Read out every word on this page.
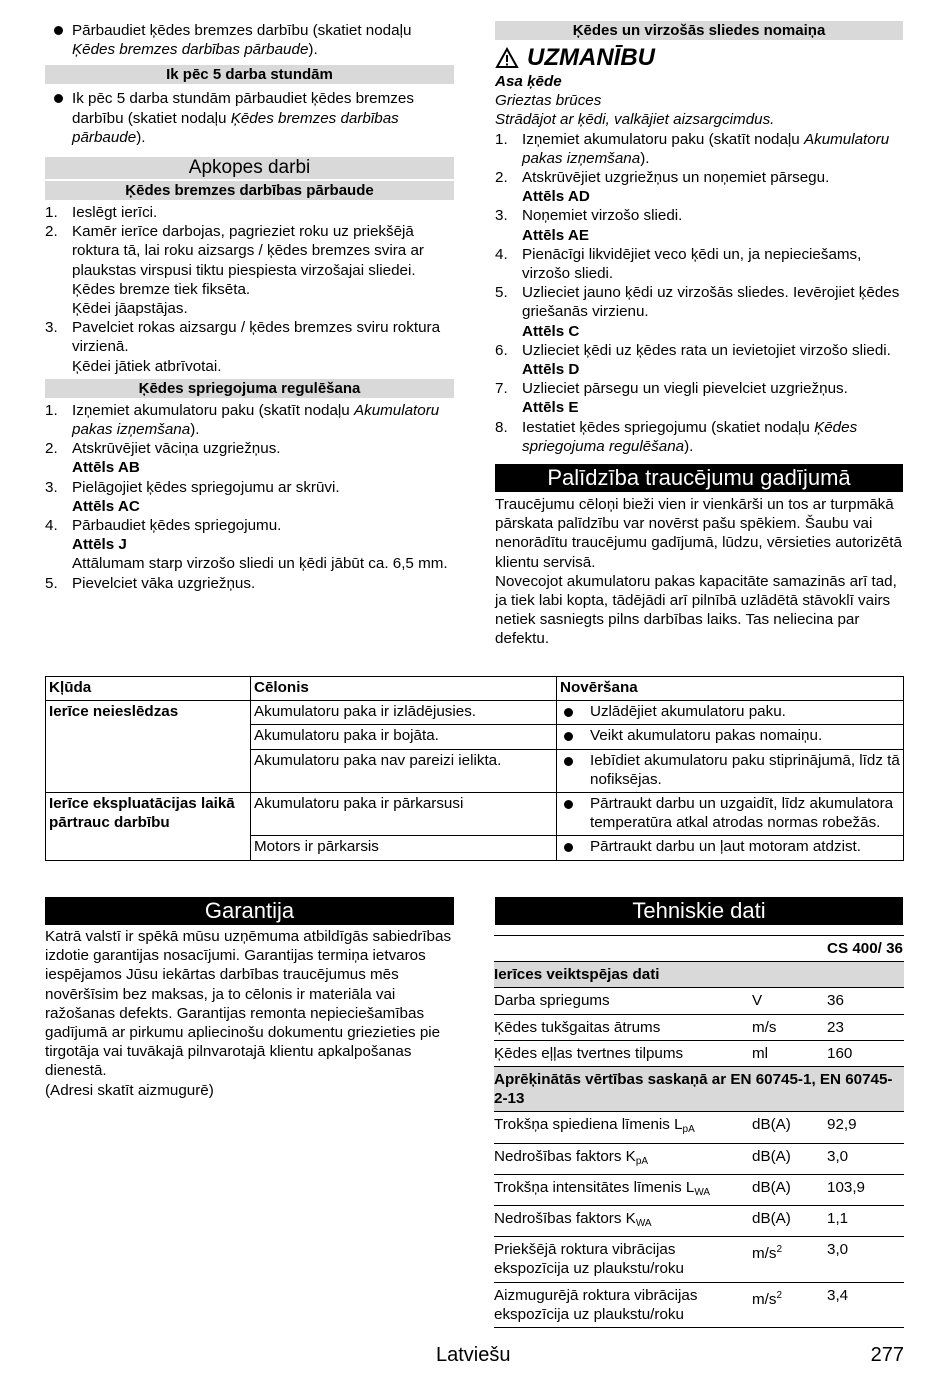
Pārbaudiet ķēdes bremzes darbību (skatiet nodaļu Ķēdes bremzes darbības pārbaude).
Ik pēc 5 darba stundām
Ik pēc 5 darba stundām pārbaudiet ķēdes bremzes darbību (skatiet nodaļu Ķēdes bremzes darbības pārbaude).
Apkopes darbi
Ķēdes bremzes darbības pārbaude
1. Ieslēgt ierīci.
2. Kamēr ierīce darbojas, pagrieziet roku uz priekšējā roktura tā, lai roku aizsargs / ķēdes bremzes svira ar plaukstas virspusi tiktu piespiesta virzošajai sliedei.
Ķēdes bremze tiek fiksēta.
Ķēdei jāapstājas.
3. Pavelciet rokas aizsargu / ķēdes bremzes sviru rokturа virzienā.
Ķēdei jātiek atbrīvotai.
Ķēdes spriegojuma regulēšana
1. Izņemiet akumulatoru paku (skatīt nodaļu Akumulatoru pakas izņemšana).
2. Atskrūvējiet vāciņa uzgriežņus.
Attēls AB
3. Pielāgojiet ķēdes spriegojumu ar skrūvi.
Attēls AC
4. Pārbaudiet ķēdes spriegojumu.
Attēls J
Attālumam starp virzošo sliedi un ķēdi jābūt ca. 6,5 mm.
5. Pievelciet vāka uzgriežņus.
Ķēdes un virzošās sliedes nomaiņa
UZMANĪBU
Asa ķēde
Grieztas brūces
Strādājot ar ķēdi, valkājiet aizsargcimdus.
1. Izņemiet akumulatoru paku (skatīt nodaļu Akumulatoru pakas izņemšana).
2. Atskrūvējiet uzgriežņus un noņemiet pārsegu.
Attēls AD
3. Noņemiet virzošo sliedi.
Attēls AE
4. Pienācīgi likvidējiet veco ķēdi un, ja nepieciešams, virzošo sliedi.
5. Uzlieciet jauno ķēdi uz virzošās sliedes. Ievērojiet ķēdes griešanās virzienu.
Attēls C
6. Uzlieciet ķēdi uz ķēdes rata un ievietojiet virzošo sliedi.
Attēls D
7. Uzlieciet pārsegu un viegli pievelciet uzgriežņus.
Attēls E
8. Iestatiet ķēdes spriegojumu (skatiet nodaļu Ķēdes spriegojuma regulēšana).
Palīdzība traucējumu gadījumā
Traucējumu cēloņi bieži vien ir vienkārši un tos ar turpmākā pārskata palīdzību var novērst pašu spēkiem. Šaubu vai nenorādītu traucējumu gadījumā, lūdzu, vērsieties autorizētā klientu servisā.
Novecojot akumulatoru pakas kapacitāte samazinās arī tad, ja tiek labi kopta, tādējādi arī pilnībā uzlādētā stāvoklī vairs netiek sasniegts pilns darbības laiks. Tas neliecina par defektu.
Kļūda	Cēlonis	Novēršana
Ierīce neieslēdzas	Akumulatoru paka ir izlādējusies.	Uzlādējiet akumulatoru paku.

	Akumulatoru paka ir bojāta.	Veikt akumulatoru pakas nomaiņu.

	Akumulatoru paka nav pareizi ielikta.	Iebīdiet akumulatoru paku stiprinājumā, līdz tā nofiksējas.

Ierīce ekspluatācijas laikā pārtrauc darbību	Akumulatoru paka ir pārkarsusi	Pārtraukt darbu un uzgaidīt, līdz akumulatora temperatūra atkal atrodas normas robežās.

	Motors ir pārkarsis	Pārtraukt darbu un ļaut motoram atdzist.
Garantija
Katrā valstī ir spēkā mūsu uzņēmuma atbildīgās sabiedrības izdotie garantijas nosacījumi. Garantijas termiņa ietvaros iespējamos Jūsu iekārtas darbības traucējumus mēs novēršīsim bez maksas, ja to cēlonis ir materiāla vai ražošanas defekts. Garantijas remonta nepieciešamības gadījumā ar pirkumu apliecinošu dokumentu griezieties pie tirgotāja vai tuvākajā pilnvarotajā klientu apkalpošanas dienestā.
(Adresi skatīt aizmugurē)
Tehniskie dati
		CS 400/ 36
Ierīces veiktspējas dati		
Darba spriegums	V	36
Ķēdes tukšgaitas ātrums	m/s	23
Ķēdes eļļas tvertnes tilpums	ml	160
Aprēķinātās vērtības saskaņā ar EN 60745-1, EN 60745-2-13		
Trokšņa spiediena līmenis $L_{pA}$	dB(A)	92,9
Nedrošības faktors $K_{pA}$	dB(A)	3,0
Trokšņa intensitātes līmenis $L_{WA}$	dB(A)	103,9
Nedrošības faktors $K_{WA}$	dB(A)	1,1
Priekšējā roktura vibrācijas ekspozīcija uz plaukstu/roku	$m/s^2$	3,0
Aizmugurējā roktura vibrācijas ekspozīcija uz plaukstu/roku	$m/s^2$	3,4
Latviešu	277
